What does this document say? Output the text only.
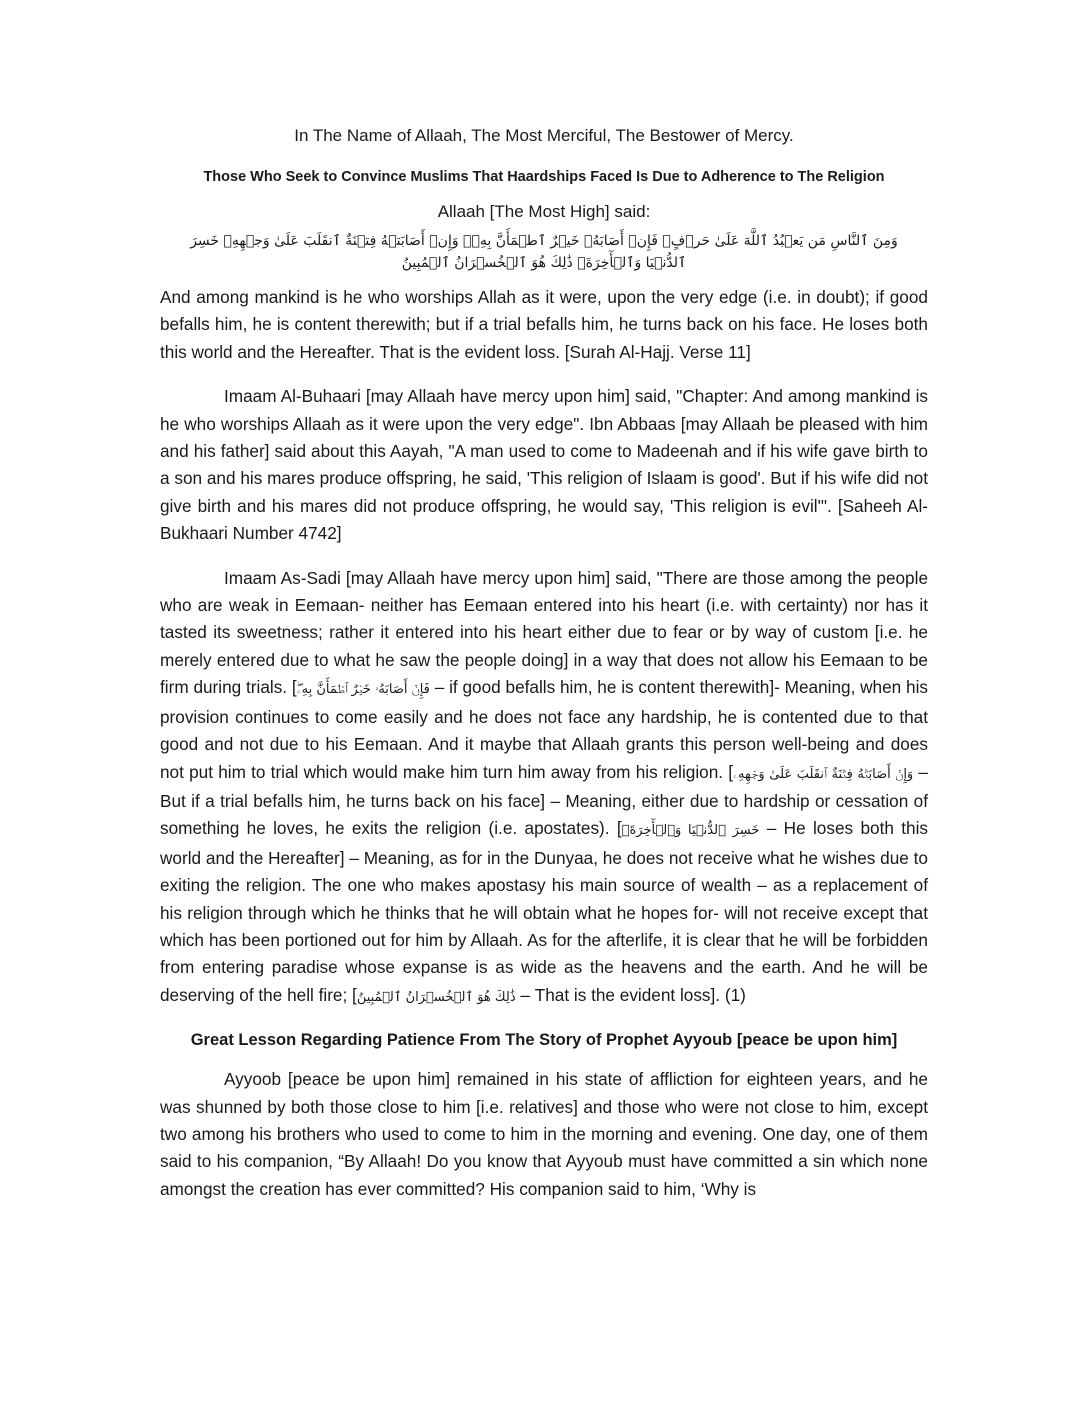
In The Name of Allaah, The Most Merciful, The Bestower of Mercy.

Those Who Seek to Convince Muslims That Haardships Faced Is Due to Adherence to The Religion

Allaah [The Most High] said:

وَمِنَ ٱلنَّاسِ مَن يَعۡبُدُ ٱللَّهَ عَلَىٰ حَرۡفٍۖ فَإِنۡ أَصَابَهُۥ خَيۡرٌ ٱطۡمَأَنَّ بِهِۦۖ وَإِنۡ أَصَابَتۡهُ فِتۡنَةٌ ٱنقَلَبَ عَلَىٰ وَجۡهِهِۦ خَسِرَ ٱلدُّنۡيَا وَٱلۡأٓخِرَةَۚ ذَٰلِكَ هُوَ ٱلۡخُسۡرَانُ ٱلۡمُبِينُ

And among mankind is he who worships Allah as it were, upon the very edge (i.e. in doubt); if good befalls him, he is content therewith; but if a trial befalls him, he turns back on his face. He loses both this world and the Hereafter. That is the evident loss. [Surah Al-Hajj. Verse 11]

Imaam Al-Buhaari [may Allaah have mercy upon him] said, "Chapter: And among mankind is he who worships Allaah as it were upon the very edge". Ibn Abbaas [may Allaah be pleased with him and his father] said about this Aayah, "A man used to come to Madeenah and if his wife gave birth to a son and his mares produce offspring, he said, 'This religion of Islaam is good'. But if his wife did not give birth and his mares did not produce offspring, he would say, 'This religion is evil'". [Saheeh Al-Bukhaari Number 4742]

Imaam As-Sadi [may Allaah have mercy upon him] said, "There are those among the people who are weak in Eemaan- neither has Eemaan entered into his heart (i.e. with certainty) nor has it tasted its sweetness; rather it entered into his heart either due to fear or by way of custom [i.e. he merely entered due to what he saw the people doing] in a way that does not allow his Eemaan to be firm during trials. [فَإِنۡ أَصَابَهُۥ خَيۡرٌ ٱطۡمَأَنَّ بِهِۦۖ – if good befalls him, he is content therewith]- Meaning, when his provision continues to come easily and he does not face any hardship, he is contented due to that good and not due to his Eemaan. And it maybe that Allaah grants this person well-being and does not put him to trial which would make him turn him away from his religion. [وَإِنۡ أَصَابَتۡهُ فِتۡنَةٌ ٱنقَلَبَ عَلَىٰ وَجۡهِهِۦ – But if a trial befalls him, he turns back on his face] – Meaning, either due to hardship or cessation of something he loves, he exits the religion (i.e. apostates). [خَسِرَ ٱلدُّنۡيَا وَٱلۡأٓخِرَةَۚ – He loses both this world and the Hereafter] – Meaning, as for in the Dunyaa, he does not receive what he wishes due to exiting the religion. The one who makes apostasy his main source of wealth – as a replacement of his religion through which he thinks that he will obtain what he hopes for- will not receive except that which has been portioned out for him by Allaah. As for the afterlife, it is clear that he will be forbidden from entering paradise whose expanse is as wide as the heavens and the earth. And he will be deserving of the hell fire; [ذَٰلِكَ هُوَ ٱلۡخُسۡرَانُ ٱلۡمُبِينُ – That is the evident loss]. (1)

Great Lesson Regarding Patience From The Story of Prophet Ayyoub [peace be upon him]

Ayyoob [peace be upon him] remained in his state of affliction for eighteen years, and he was shunned by both those close to him [i.e. relatives] and those who were not close to him, except two among his brothers who used to come to him in the morning and evening. One day, one of them said to his companion, “By Allaah! Do you know that Ayyoub must have committed a sin which none amongst the creation has ever committed? His companion said to him, ‘Why is
